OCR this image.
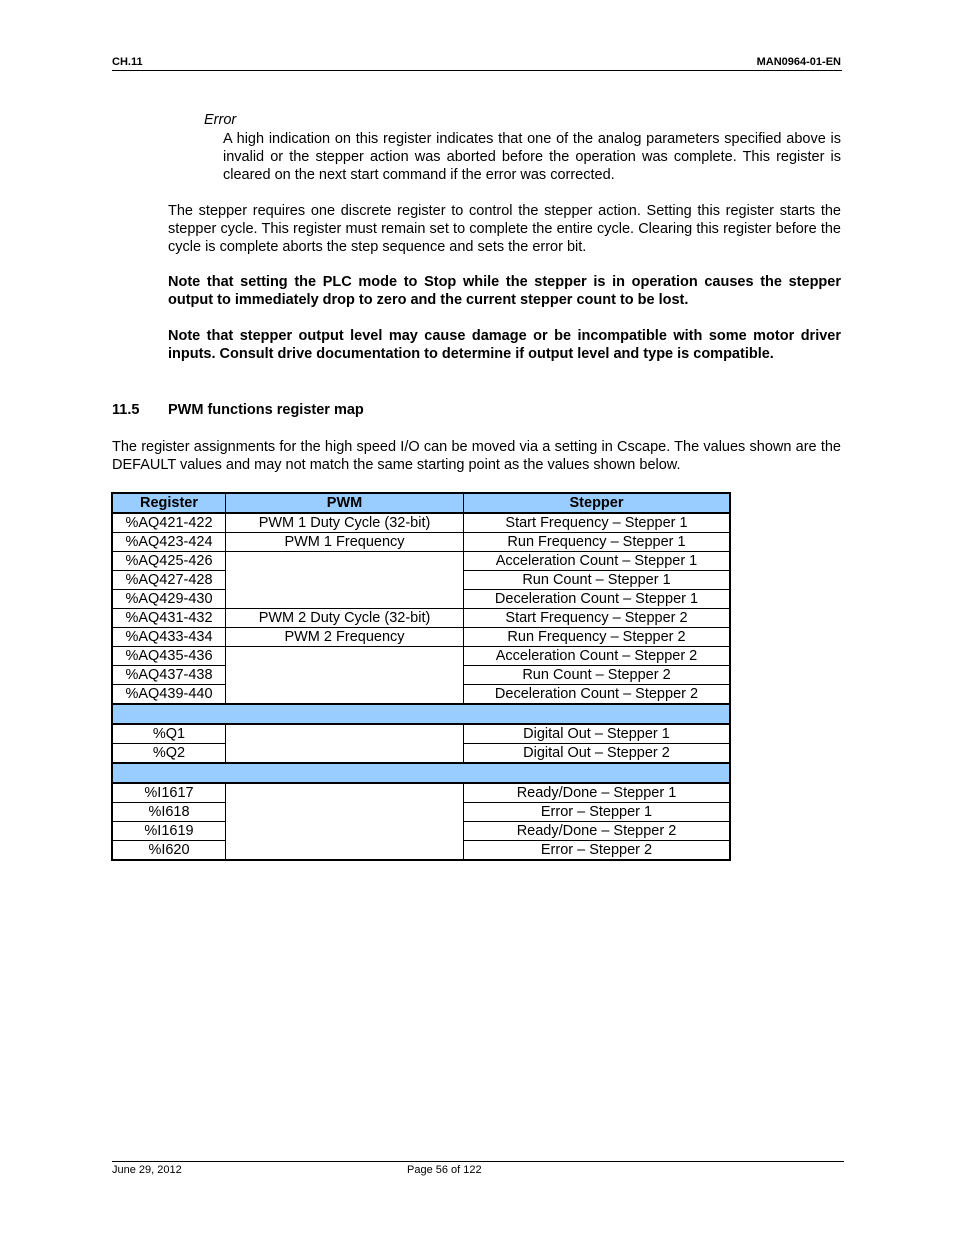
CH.11	MAN0964-01-EN
Error

A high indication on this register indicates that one of the analog parameters specified above is invalid or the stepper action was aborted before the operation was complete. This register is cleared on the next start command if the error was corrected.

The stepper requires one discrete register to control the stepper action. Setting this register starts the stepper cycle. This register must remain set to complete the entire cycle. Clearing this register before the cycle is complete aborts the step sequence and sets the error bit.

Note that setting the PLC mode to Stop while the stepper is in operation causes the stepper output to immediately drop to zero and the current stepper count to be lost.

Note that stepper output level may cause damage or be incompatible with some motor driver inputs. Consult drive documentation to determine if output level and type is compatible.

11.5 PWM functions register map

The register assignments for the high speed I/O can be moved via a setting in Cscape. The values shown are the DEFAULT values and may not match the same starting point as the values shown below.

Register	PWM	Stepper
%AQ421-422	PWM 1 Duty Cycle (32-bit)	Start Frequency – Stepper 1
%AQ423-424	PWM 1 Frequency	Run Frequency – Stepper 1
%AQ425-426		Acceleration Count – Stepper 1
%AQ427-428		Run Count – Stepper 1
%AQ429-430		Deceleration Count – Stepper 1
%AQ431-432	PWM 2 Duty Cycle (32-bit)	Start Frequency – Stepper 2
%AQ433-434	PWM 2 Frequency	Run Frequency – Stepper 2
%AQ435-436		Acceleration Count – Stepper 2
%AQ437-438		Run Count – Stepper 2
%AQ439-440		Deceleration Count – Stepper 2

%Q1		Digital Out – Stepper 1
%Q2		Digital Out – Stepper 2

%I1617		Ready/Done – Stepper 1
%I618		Error – Stepper 1
%I1619		Ready/Done – Stepper 2
%I620		Error – Stepper 2
June 29, 2012	Page 56 of 122
